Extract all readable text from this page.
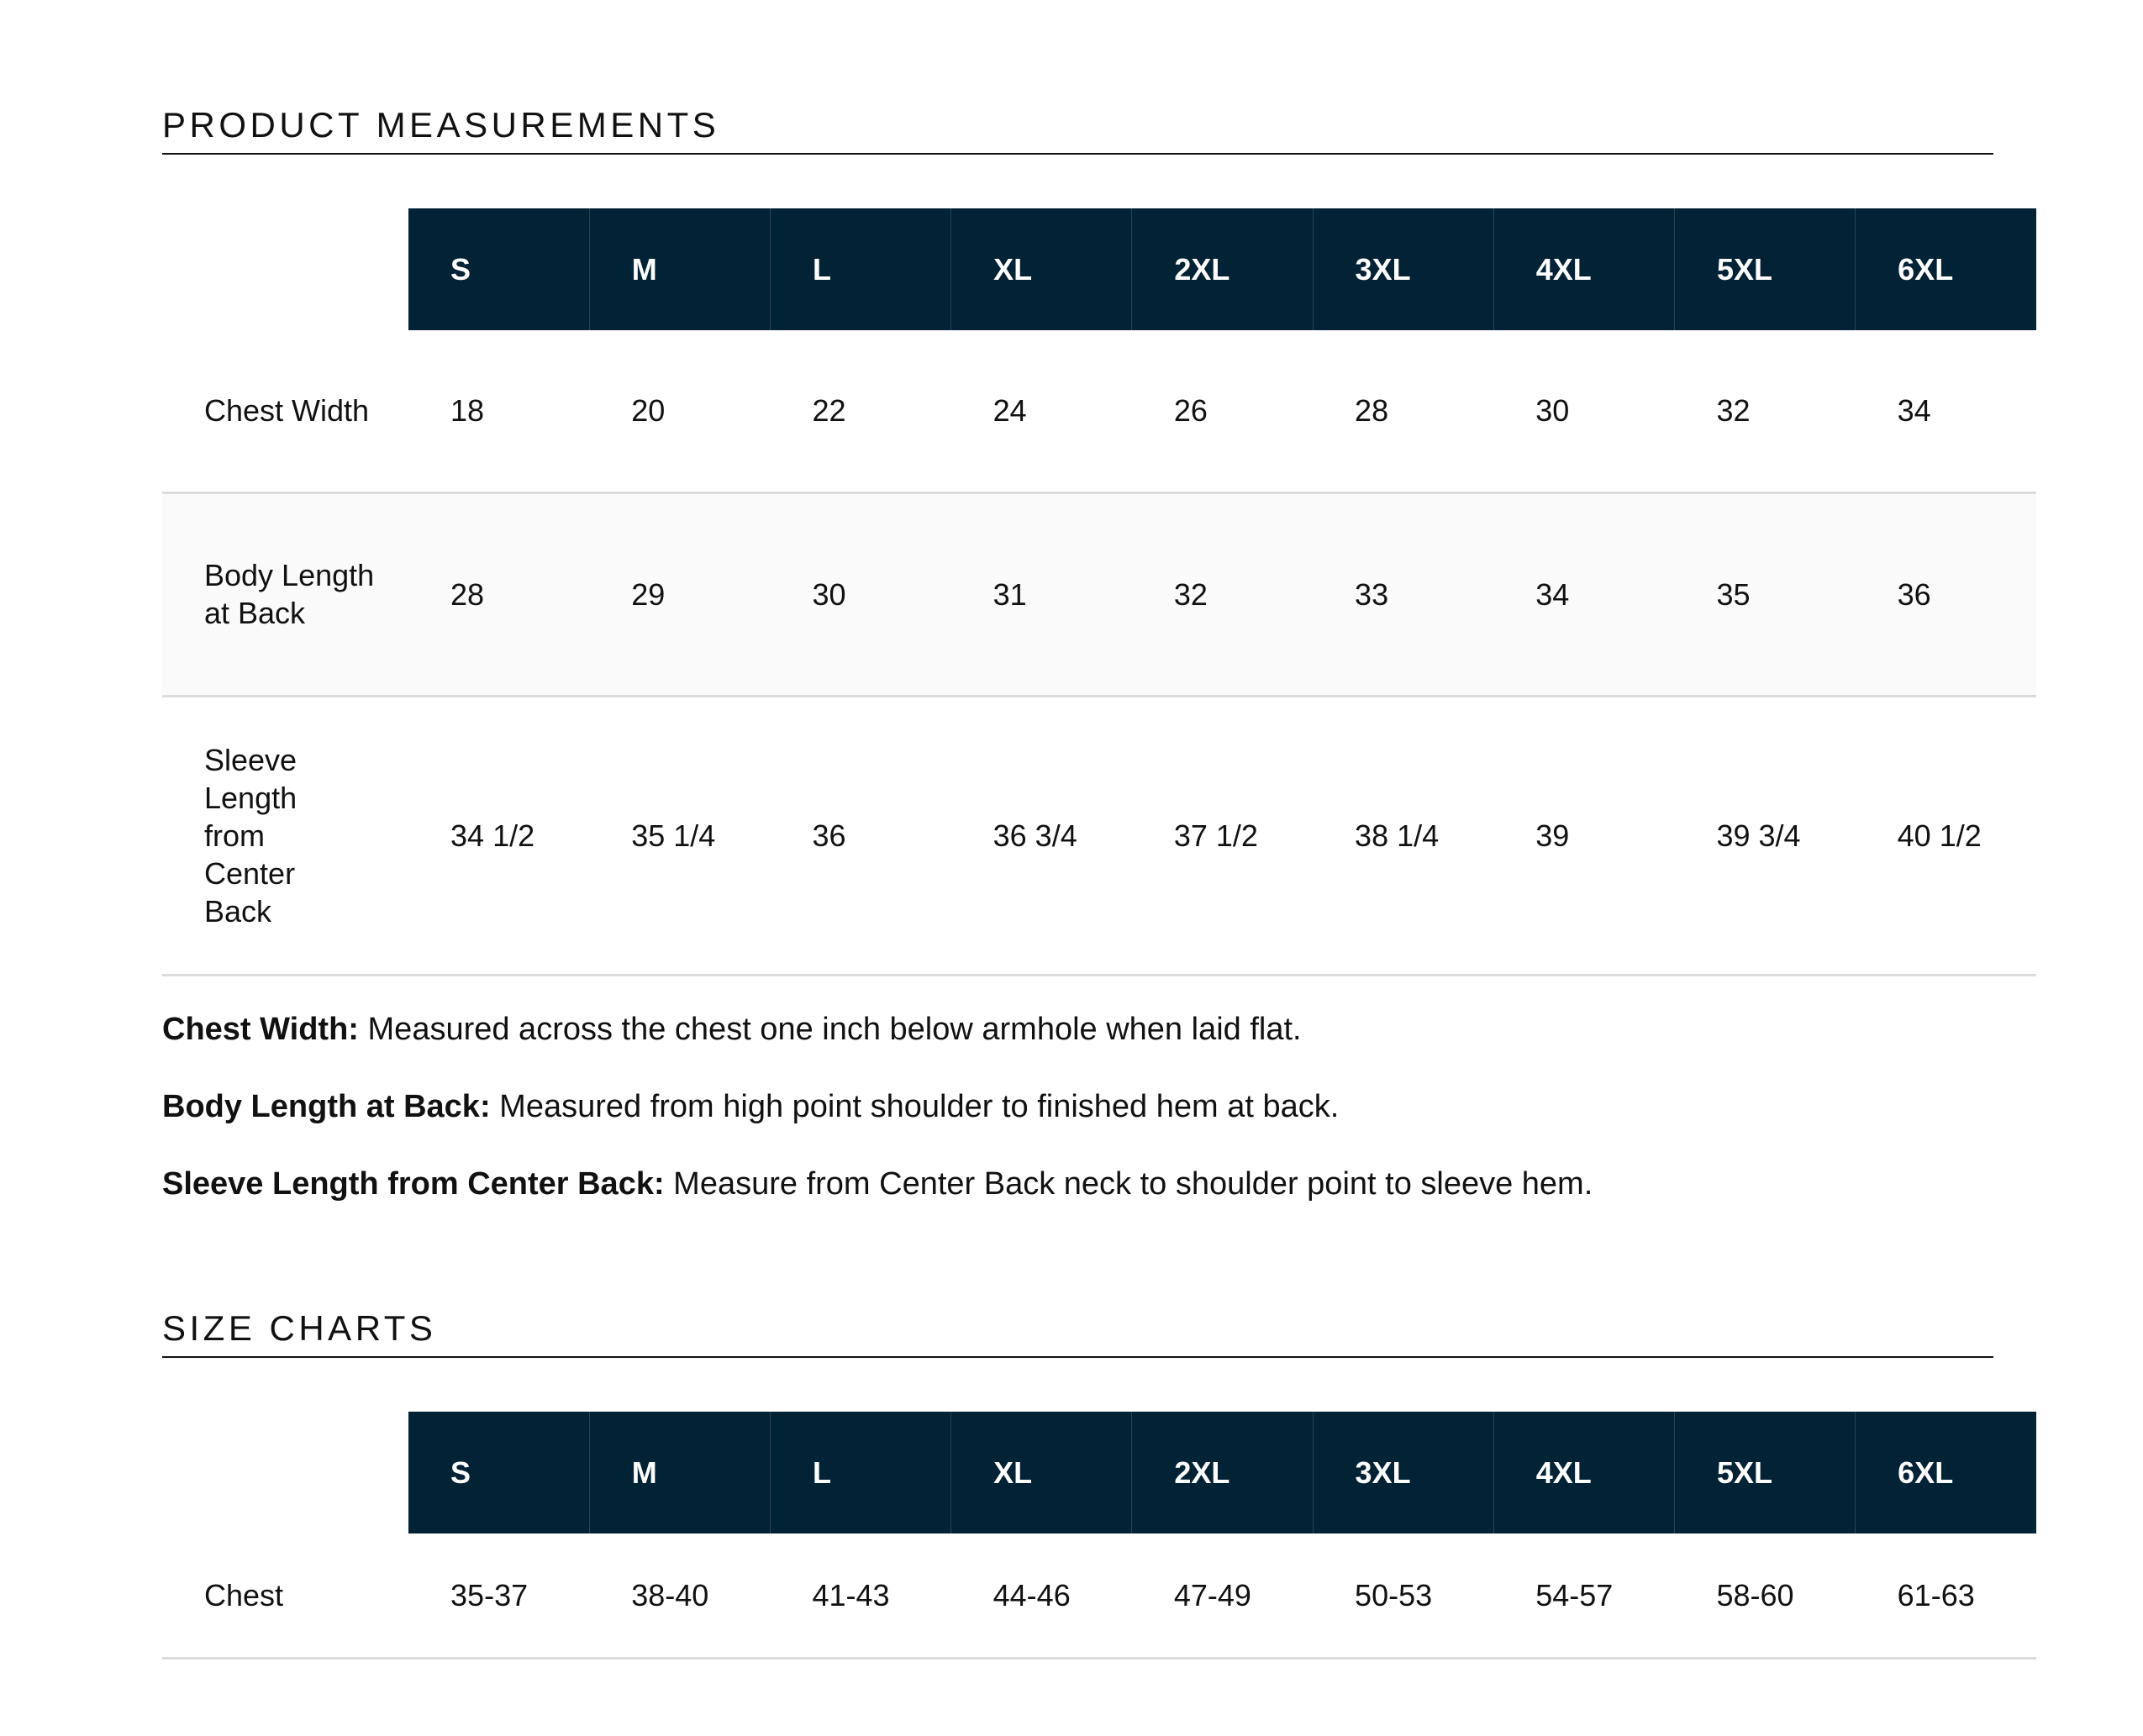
PRODUCT MEASUREMENTS
	S	M	L	XL	2XL	3XL	4XL	5XL	6XL
Chest Width	18	20	22	24	26	28	30	32	34
Body Length at Back	28	29	30	31	32	33	34	35	36
Sleeve Length from Center Back	34 1/2	35 1/4	36	36 3/4	37 1/2	38 1/4	39	39 3/4	40 1/2

Chest Width: Measured across the chest one inch below armhole when laid flat.

Body Length at Back: Measured from high point shoulder to finished hem at back.

Sleeve Length from Center Back: Measure from Center Back neck to shoulder point to sleeve hem.

SIZE CHARTS
	S	M	L	XL	2XL	3XL	4XL	5XL	6XL
Chest	35-37	38-40	41-43	44-46	47-49	50-53	54-57	58-60	61-63
